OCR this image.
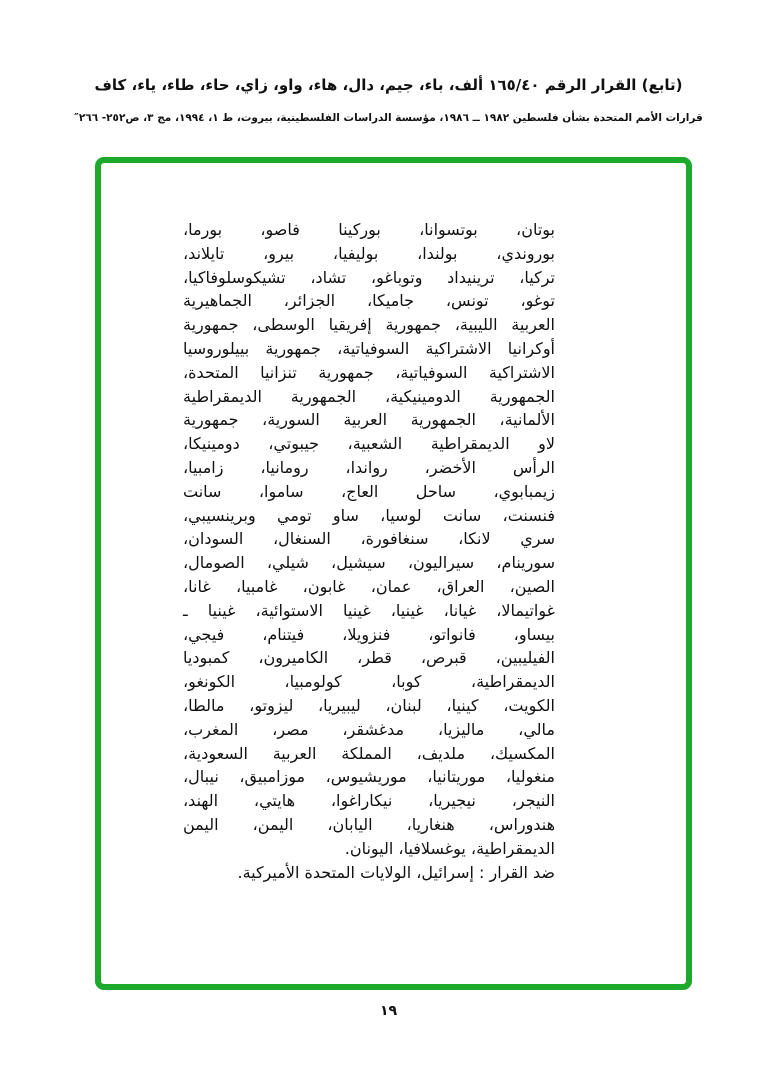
(تابع) القرار الرقم ١٦٥/٤٠ ألف، باء، جيم، دال، هاء، واو، زاي، حاء، طاء، ياء، كاف
قرارات الأمم المتحدة بشأن فلسطين ١٩٨٢ ــ ١٩٨٦، مؤسسة الدراسات الفلسطينية، بيروت، ط ١، ١٩٩٤، مج ٣، ص٢٥٢- ٢٦٦″
بوتان، بوتسوانا، بوركينا فاصو، بورما،
بوروندي، بولندا، بوليفيا، بيرو، تايلاند،
تركيا، ترينيداد وتوباغو، تشاد، تشيكوسلوفاكيا،
توغو، تونس، جاميكا، الجزائر، الجماهيرية
العربية الليبية، جمهورية إفريقيا الوسطى، جمهورية
أوكرانيا الاشتراكية السوفياتية، جمهورية بييلوروسيا
الاشتراكية السوفياتية، جمهورية تنزانيا المتحدة،
الجمهورية الدومينيكية، الجمهورية الديمقراطية
الألمانية، الجمهورية العربية السورية، جمهورية
لاو الديمقراطية الشعبية، جيبوتي، دومينيكا،
الرأس الأخضر، رواندا، رومانيا، زامبيا،
زيمبابوي، ساحل العاج، ساموا، سانت
فنسنت، سانت لوسيا، ساو تومي وبرينسيبي،
سري لانكا، سنغافورة، السنغال، السودان،
سورينام، سيراليون، سيشيل، شيلي، الصومال،
الصين، العراق، عمان، غابون، غامبيا، غانا،
غواتيمالا، غيانا، غينيا، غينيا الاستوائية، غينيا ـ
بيساو، فانواتو، فنزويلا، فيتنام، فيجي،
الفيليبين، قبرص، قطر، الكاميرون، كمبوديا
الديمقراطية، كوبا، كولومبيا، الكونغو،
الكويت، كينيا، لبنان، ليبيريا، ليزوتو، مالطا،
مالي، ماليزيا، مدغشقر، مصر، المغرب،
المكسيك، ملديف، المملكة العربية السعودية،
منغوليا، موريتانيا، موريشيوس، موزامبيق، نيبال،
النيجر، نيجيريا، نيكاراغوا، هايتي، الهند،
هندوراس، هنغاريا، اليابان، اليمن، اليمن
الديمقراطية، يوغسلافيا، اليونان.
ضد القرار : إسرائيل، الولايات المتحدة الأميركية.
١٩
